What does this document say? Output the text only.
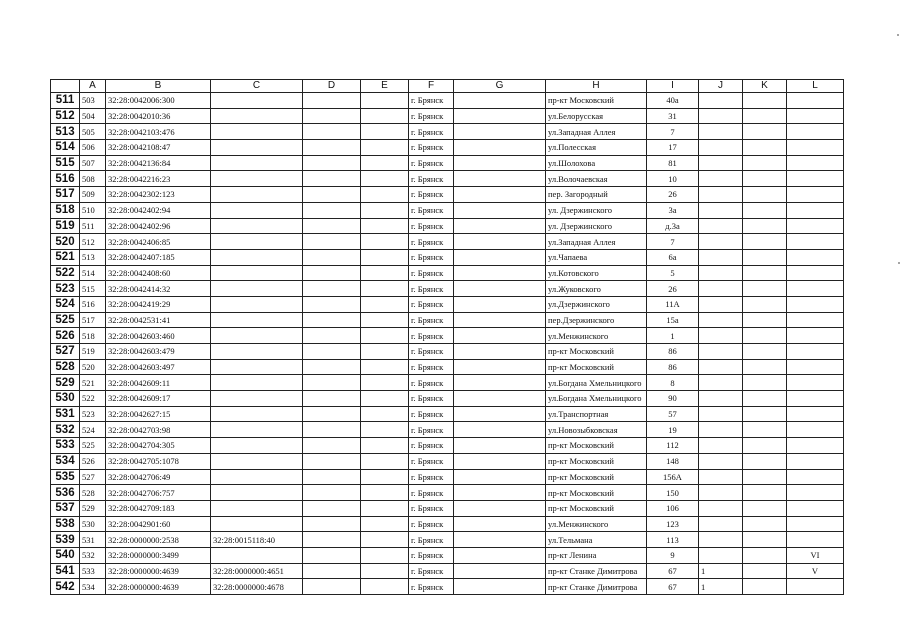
	A	B	C	D	E	F	G	H	I	J	K	L
511	503	32:28:0042006:300				г. Брянск		пр-кт Московский	40а			
512	504	32:28:0042010:36				г. Брянск		ул.Белорусская	31			
513	505	32:28:0042103:476				г. Брянск		ул.Западная Аллея	7			
514	506	32:28:0042108:47				г. Брянск		ул.Полесская	17			
515	507	32:28:0042136:84				г. Брянск		ул.Шолохова	81			
516	508	32:28:0042216:23				г. Брянск		ул.Волочаевская	10			
517	509	32:28:0042302:123				г. Брянск		пер. Загородный	26			
518	510	32:28:0042402:94				г. Брянск		ул. Дзержинского	3а			
519	511	32:28:0042402:96				г. Брянск		ул. Дзержинского	д.3а			
520	512	32:28:0042406:85				г. Брянск		ул.Западная Аллея	7			
521	513	32:28:0042407:185				г. Брянск		ул.Чапаева	6а			
522	514	32:28:0042408:60				г. Брянск		ул.Котовского	5			
523	515	32:28:0042414:32				г. Брянск		ул.Жуковского	26			
524	516	32:28:0042419:29				г. Брянск		ул.Дзержинского	11А			
525	517	32:28:0042531:41				г. Брянск		пер.Дзержинского	15а			
526	518	32:28:0042603:460				г. Брянск		ул.Менжинского	1			
527	519	32:28:0042603:479				г. Брянск		пр-кт Московский	86			
528	520	32:28:0042603:497				г. Брянск		пр-кт Московский	86			
529	521	32:28:0042609:11				г. Брянск		ул.Богдана Хмельницкого	8			
530	522	32:28:0042609:17				г. Брянск		ул.Богдана Хмельницкого	90			
531	523	32:28:0042627:15				г. Брянск		ул.Транспортная	57			
532	524	32:28:0042703:98				г. Брянск		ул.Новозыбковская	19			
533	525	32:28:0042704:305				г. Брянск		пр-кт Московский	112			
534	526	32:28:0042705:1078				г. Брянск		пр-кт Московский	148			
535	527	32:28:0042706:49				г. Брянск		пр-кт Московский	156А			
536	528	32:28:0042706:757				г. Брянск		пр-кт Московский	150			
537	529	32:28:0042709:183				г. Брянск		пр-кт Московский	106			
538	530	32:28:0042901:60				г. Брянск		ул.Менжинского	123			
539	531	32:28:0000000:2538	32:28:0015118:40			г. Брянск		ул.Тельмана	113			
540	532	32:28:0000000:3499				г. Брянск		пр-кт Ленина	9			VI
541	533	32:28:0000000:4639	32:28:0000000:4651			г. Брянск		пр-кт Станке Димитрова	67	1		V
542	534	32:28:0000000:4639	32:28:0000000:4678			г. Брянск		пр-кт Станке Димитрова	67	1		
